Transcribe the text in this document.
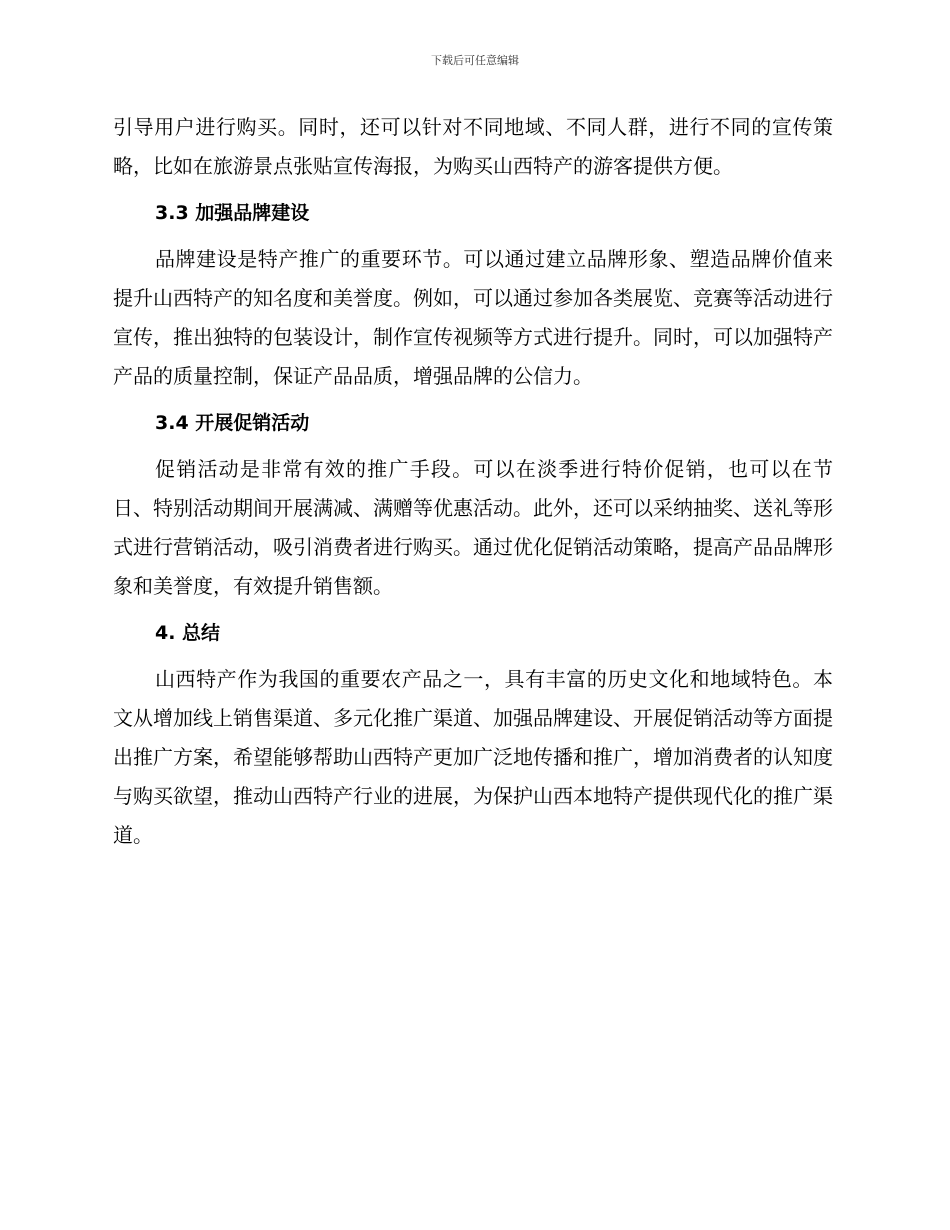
下载后可任意编辑

引导用户进行购买。同时，还可以针对不同地域、不同人群，进行不同的宣传策略，比如在旅游景点张贴宣传海报，为购买山西特产的游客提供方便。

3.3 加强品牌建设

品牌建设是特产推广的重要环节。可以通过建立品牌形象、塑造品牌价值来提升山西特产的知名度和美誉度。例如，可以通过参加各类展览、竞赛等活动进行宣传，推出独特的包装设计，制作宣传视频等方式进行提升。同时，可以加强特产产品的质量控制，保证产品品质，增强品牌的公信力。

3.4 开展促销活动

促销活动是非常有效的推广手段。可以在淡季进行特价促销，也可以在节日、特别活动期间开展满减、满赠等优惠活动。此外，还可以采纳抽奖、送礼等形式进行营销活动，吸引消费者进行购买。通过优化促销活动策略，提高产品品牌形象和美誉度，有效提升销售额。

4. 总结

山西特产作为我国的重要农产品之一，具有丰富的历史文化和地域特色。本文从增加线上销售渠道、多元化推广渠道、加强品牌建设、开展促销活动等方面提出推广方案，希望能够帮助山西特产更加广泛地传播和推广，增加消费者的认知度与购买欲望，推动山西特产行业的进展，为保护山西本地特产提供现代化的推广渠道。
